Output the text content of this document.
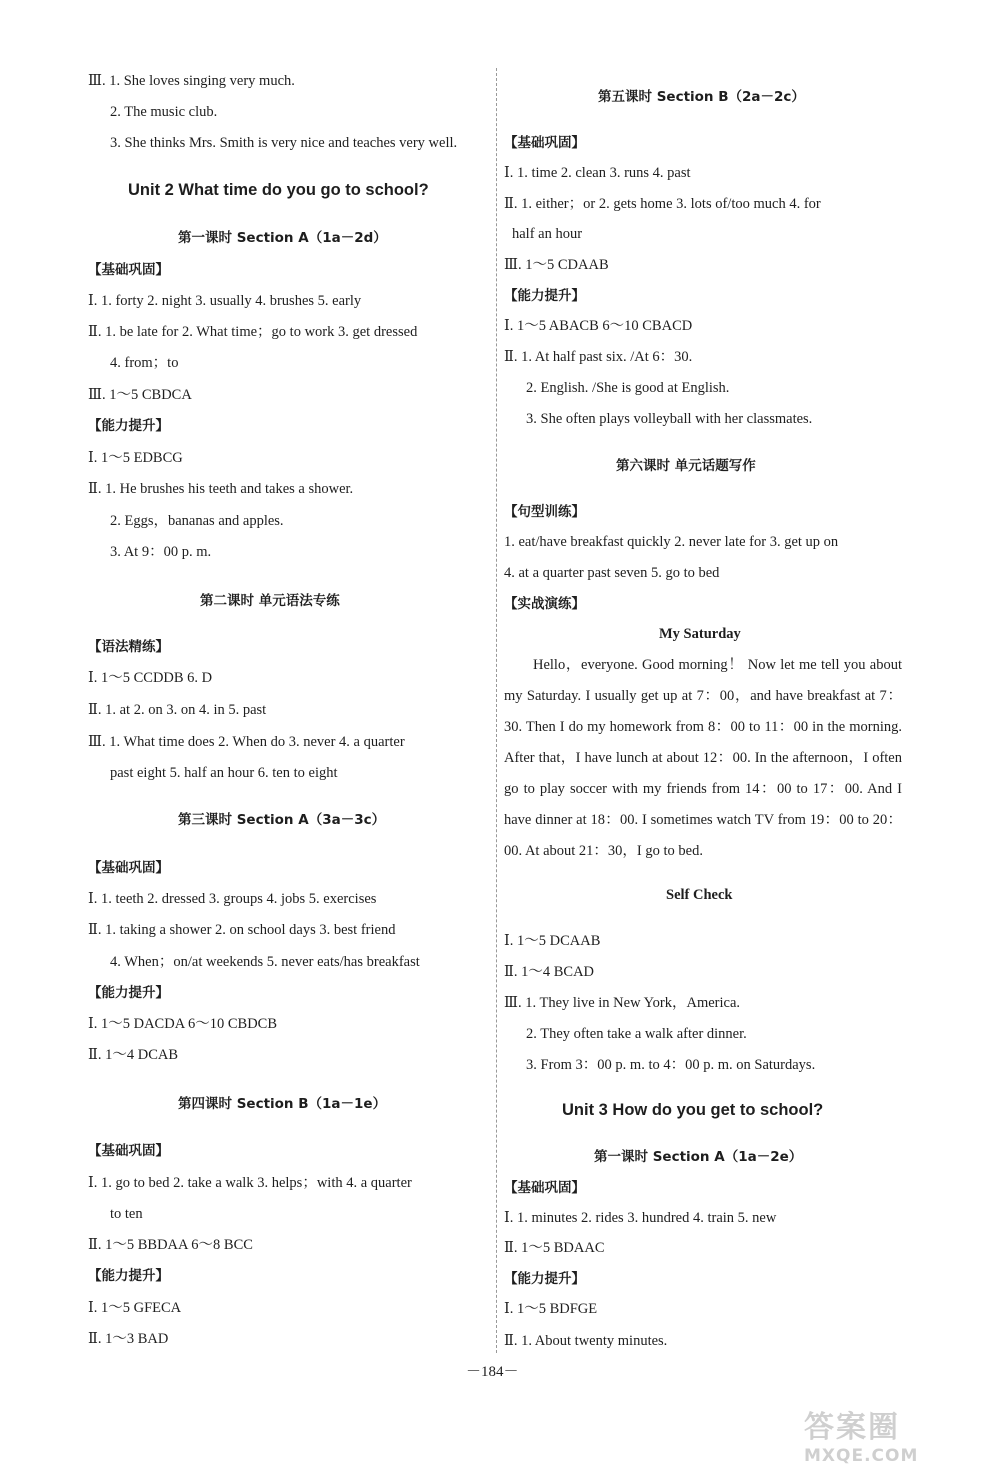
Ⅲ. 1. She loves singing very much.
2. The music club.
3. She thinks Mrs. Smith is very nice and teaches very well.
Unit 2 What time do you go to school?
第一课时 Section A（1a－2d）
【基础巩固】
Ⅰ. 1. forty 2. night 3. usually 4. brushes 5. early
Ⅱ. 1. be late for 2. What time；go to work 3. get dressed
4. from；to
Ⅲ. 1～5 CBDCA
【能力提升】
Ⅰ. 1～5 EDBCG
Ⅱ. 1. He brushes his teeth and takes a shower.
2. Eggs，bananas and apples.
3. At 9：00 p. m.
第二课时 单元语法专练
【语法精练】
Ⅰ. 1～5 CCDDB 6. D
Ⅱ. 1. at 2. on 3. on 4. in 5. past
Ⅲ. 1. What time does 2. When do 3. never 4. a quarter
past eight 5. half an hour 6. ten to eight
第三课时 Section A（3a－3c）
【基础巩固】
Ⅰ. 1. teeth 2. dressed 3. groups 4. jobs 5. exercises
Ⅱ. 1. taking a shower 2. on school days 3. best friend
4. When；on/at weekends 5. never eats/has breakfast
【能力提升】
Ⅰ. 1～5 DACDA 6～10 CBDCB
Ⅱ. 1～4 DCAB
第四课时 Section B（1a－1e）
【基础巩固】
Ⅰ. 1. go to bed 2. take a walk 3. helps；with 4. a quarter
to ten
Ⅱ. 1～5 BBDAA 6～8 BCC
【能力提升】
Ⅰ. 1～5 GFECA
Ⅱ. 1～3 BAD
第五课时 Section B（2a－2c）
【基础巩固】
Ⅰ. 1. time 2. clean 3. runs 4. past
Ⅱ. 1. either；or 2. gets home 3. lots of/too much 4. for
half an hour
Ⅲ. 1～5 CDAAB
【能力提升】
Ⅰ. 1～5 ABACB 6～10 CBACD
Ⅱ. 1. At half past six. /At 6：30.
2. English. /She is good at English.
3. She often plays volleyball with her classmates.
第六课时 单元话题写作
【句型训练】
1. eat/have breakfast quickly 2. never late for 3. get up on
4. at a quarter past seven 5. go to bed
【实战演练】
My Saturday
Hello，everyone. Good morning！ Now let me tell you about my Saturday. I usually get up at 7：00，and have breakfast at 7：30. Then I do my homework from 8：00 to 11：00 in the morning. After that，I have lunch at about 12：00. In the afternoon，I often go to play soccer with my friends from 14：00 to 17：00. And I have dinner at 18：00. I sometimes watch TV from 19：00 to 20：00. At about 21：30，I go to bed.
Self Check
Ⅰ. 1～5 DCAAB
Ⅱ. 1～4 BCAD
Ⅲ. 1. They live in New York，America.
2. They often take a walk after dinner.
3. From 3：00 p. m. to 4：00 p. m. on Saturdays.
Unit 3 How do you get to school?
第一课时 Section A（1a－2e）
【基础巩固】
Ⅰ. 1. minutes 2. rides 3. hundred 4. train 5. new
Ⅱ. 1～5 BDAAC
【能力提升】
Ⅰ. 1～5 BDFGE
Ⅱ. 1. About twenty minutes.
－184－
答案圈
MXQE.COM
